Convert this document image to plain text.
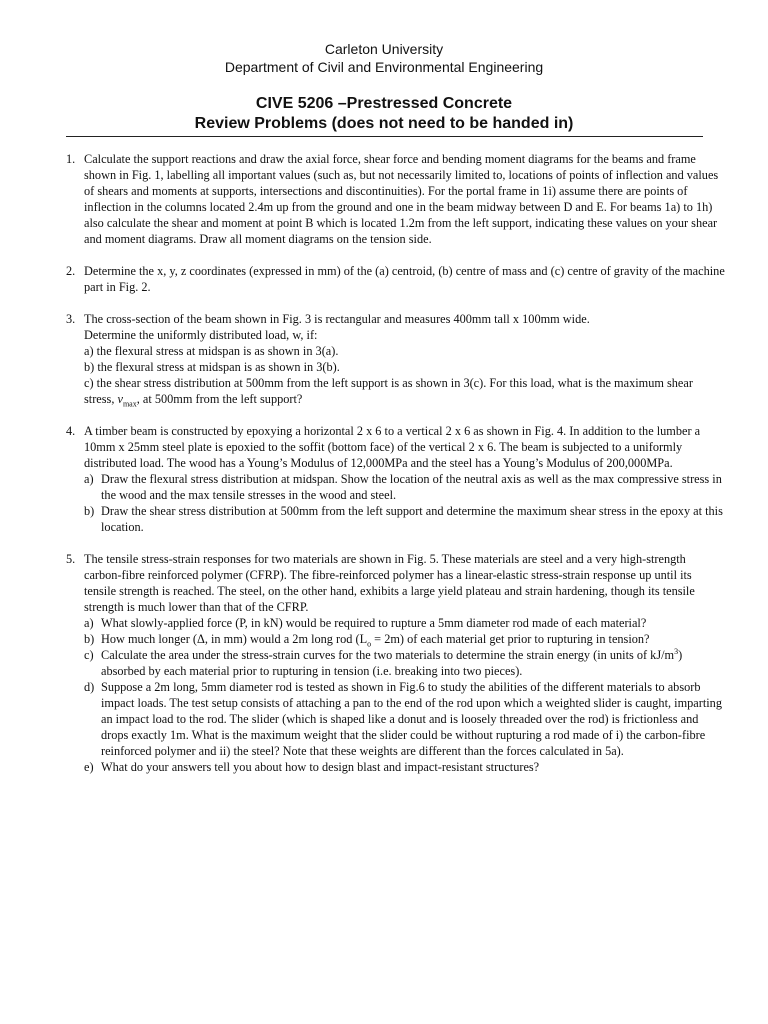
Carleton University
Department of Civil and Environmental Engineering
CIVE 5206 –Prestressed Concrete
Review Problems (does not need to be handed in)
1. Calculate the support reactions and draw the axial force, shear force and bending moment diagrams for the beams and frame shown in Fig. 1, labelling all important values (such as, but not necessarily limited to, locations of points of inflection and values of shears and moments at supports, intersections and discontinuities). For the portal frame in 1i) assume there are points of inflection in the columns located 2.4m up from the ground and one in the beam midway between D and E. For beams 1a) to 1h) also calculate the shear and moment at point B which is located 1.2m from the left support, indicating these values on your shear and moment diagrams. Draw all moment diagrams on the tension side.
2. Determine the x, y, z coordinates (expressed in mm) of the (a) centroid, (b) centre of mass and (c) centre of gravity of the machine part in Fig. 2.
3. The cross-section of the beam shown in Fig. 3 is rectangular and measures 400mm tall x 100mm wide.
Determine the uniformly distributed load, w, if:
a) the flexural stress at midspan is as shown in 3(a).
b) the flexural stress at midspan is as shown in 3(b).
c) the shear stress distribution at 500mm from the left support is as shown in 3(c). For this load, what is the maximum shear stress, $v_{max}$, at 500mm from the left support?
4. A timber beam is constructed by epoxying a horizontal 2 x 6 to a vertical 2 x 6 as shown in Fig. 4. In addition to the lumber a 10mm x 25mm steel plate is epoxied to the soffit (bottom face) of the vertical 2 x 6. The beam is subjected to a uniformly distributed load. The wood has a Young’s Modulus of 12,000MPa and the steel has a Young’s Modulus of 200,000MPa.
a) Draw the flexural stress distribution at midspan. Show the location of the neutral axis as well as the max compressive stress in the wood and the max tensile stresses in the wood and steel.
b) Draw the shear stress distribution at 500mm from the left support and determine the maximum shear stress in the epoxy at this location.
5. The tensile stress-strain responses for two materials are shown in Fig. 5. These materials are steel and a very high-strength carbon-fibre reinforced polymer (CFRP). The fibre-reinforced polymer has a linear-elastic stress-strain response up until its tensile strength is reached. The steel, on the other hand, exhibits a large yield plateau and strain hardening, though its tensile strength is much lower than that of the CFRP.
a) What slowly-applied force (P, in kN) would be required to rupture a 5mm diameter rod made of each material?
b) How much longer (Δ, in mm) would a 2m long rod $(L_o = 2m)$ of each material get prior to rupturing in tension?
c) Calculate the area under the stress-strain curves for the two materials to determine the strain energy (in units of $kJ/m^3$) absorbed by each material prior to rupturing in tension (i.e. breaking into two pieces).
d) Suppose a 2m long, 5mm diameter rod is tested as shown in Fig.6 to study the abilities of the different materials to absorb impact loads. The test setup consists of attaching a pan to the end of the rod upon which a weighted slider is caught, imparting an impact load to the rod. The slider (which is shaped like a donut and is loosely threaded over the rod) is frictionless and drops exactly 1m. What is the maximum weight that the slider could be without rupturing a rod made of i) the carbon-fibre reinforced polymer and ii) the steel? Note that these weights are different than the forces calculated in 5a).
e) What do your answers tell you about how to design blast and impact-resistant structures?
